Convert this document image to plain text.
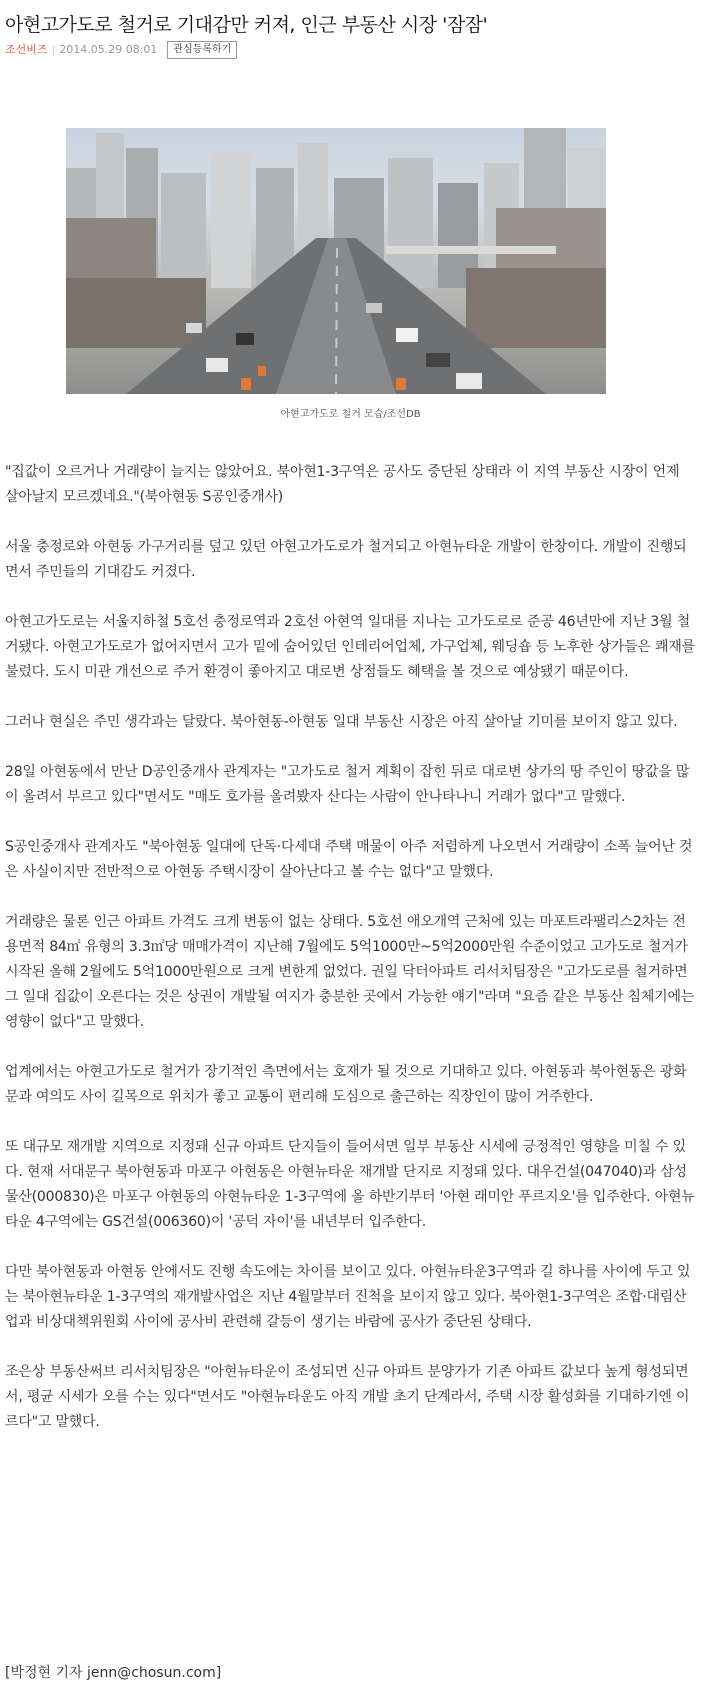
아현고가도로 철거로 기대감만 커져, 인근 부동산 시장 '잠잠'
조선비즈 | 2014.05.29 08:01 관심등록하기
아현고가도로 철거 모습/조선DB

"집값이 오르거나 거래량이 늘지는 않았어요. 북아현1-3구역은 공사도 중단된 상태라 이 지역 부동산 시장이 언제 살아날지 모르겠네요."(북아현동 S공인중개사)

서울 충정로와 아현동 가구거리를 덮고 있던 아현고가도로가 철거되고 아현뉴타운 개발이 한창이다. 개발이 진행되면서 주민들의 기대감도 커졌다.

아현고가도로는 서울지하철 5호선 충정로역과 2호선 아현역 일대를 지나는 고가도로로 준공 46년만에 지난 3월 철거됐다. 아현고가도로가 없어지면서 고가 밑에 숨어있던 인테리어업체, 가구업체, 웨딩숍 등 노후한 상가들은 쾌재를 불렀다. 도시 미관 개선으로 주거 환경이 좋아지고 대로변 상점들도 혜택을 볼 것으로 예상됐기 때문이다.

그러나 현실은 주민 생각과는 달랐다. 북아현동-아현동 일대 부동산 시장은 아직 살아날 기미를 보이지 않고 있다.

28일 아현동에서 만난 D공인중개사 관계자는 "고가도로 철거 계획이 잡힌 뒤로 대로변 상가의 땅 주인이 땅값을 많이 올려서 부르고 있다"면서도 "매도 호가를 올려봤자 산다는 사람이 안나타나니 거래가 없다"고 말했다.

S공인중개사 관계자도 "북아현동 일대에 단독·다세대 주택 매물이 아주 저렴하게 나오면서 거래량이 소폭 늘어난 것은 사실이지만 전반적으로 아현동 주택시장이 살아난다고 볼 수는 없다"고 말했다.

거래량은 물론 인근 아파트 가격도 크게 변동이 없는 상태다. 5호선 애오개역 근처에 있는 마포트라팰리스2차는 전용면적 84㎡ 유형의 3.3㎡당 매매가격이 지난해 7월에도 5억1000만~5억2000만원 수준이었고 고가도로 철거가 시작된 올해 2월에도 5억1000만원으로 크게 변한게 없었다. 권일 닥터아파트 리서치팀장은 "고가도로를 철거하면 그 일대 집값이 오른다는 것은 상권이 개발될 여지가 충분한 곳에서 가능한 얘기"라며 "요즘 같은 부동산 침체기에는 영향이 없다"고 말했다.

업계에서는 아현고가도로 철거가 장기적인 측면에서는 호재가 될 것으로 기대하고 있다. 아현동과 북아현동은 광화문과 여의도 사이 길목으로 위치가 좋고 교통이 편리해 도심으로 출근하는 직장인이 많이 거주한다.

또 대규모 재개발 지역으로 지정돼 신규 아파트 단지들이 들어서면 일부 부동산 시세에 긍정적인 영향을 미칠 수 있다. 현재 서대문구 북아현동과 마포구 아현동은 아현뉴타운 재개발 단지로 지정돼 있다. 대우건설(047040)과 삼성물산(000830)은 마포구 아현동의 아현뉴타운 1-3구역에 올 하반기부터 '아현 래미안 푸르지오'를 입주한다. 아현뉴타운 4구역에는 GS건설(006360)이 '공덕 자이'를 내년부터 입주한다.

다만 북아현동과 아현동 안에서도 진행 속도에는 차이를 보이고 있다. 아현뉴타운3구역과 길 하나를 사이에 두고 있는 북아현뉴타운 1-3구역의 재개발사업은 지난 4월말부터 진척을 보이지 않고 있다. 북아현1-3구역은 조합·대림산업과 비상대책위원회 사이에 공사비 관련해 갈등이 생기는 바람에 공사가 중단된 상태다.

조은상 부동산써브 리서치팀장은 "아현뉴타운이 조성되면 신규 아파트 분양가가 기존 아파트 값보다 높게 형성되면서, 평균 시세가 오를 수는 있다"면서도 "아현뉴타운도 아직 개발 초기 단계라서, 주택 시장 활성화를 기대하기엔 이르다"고 말했다.

[박정현 기자 jenn@chosun.com]
